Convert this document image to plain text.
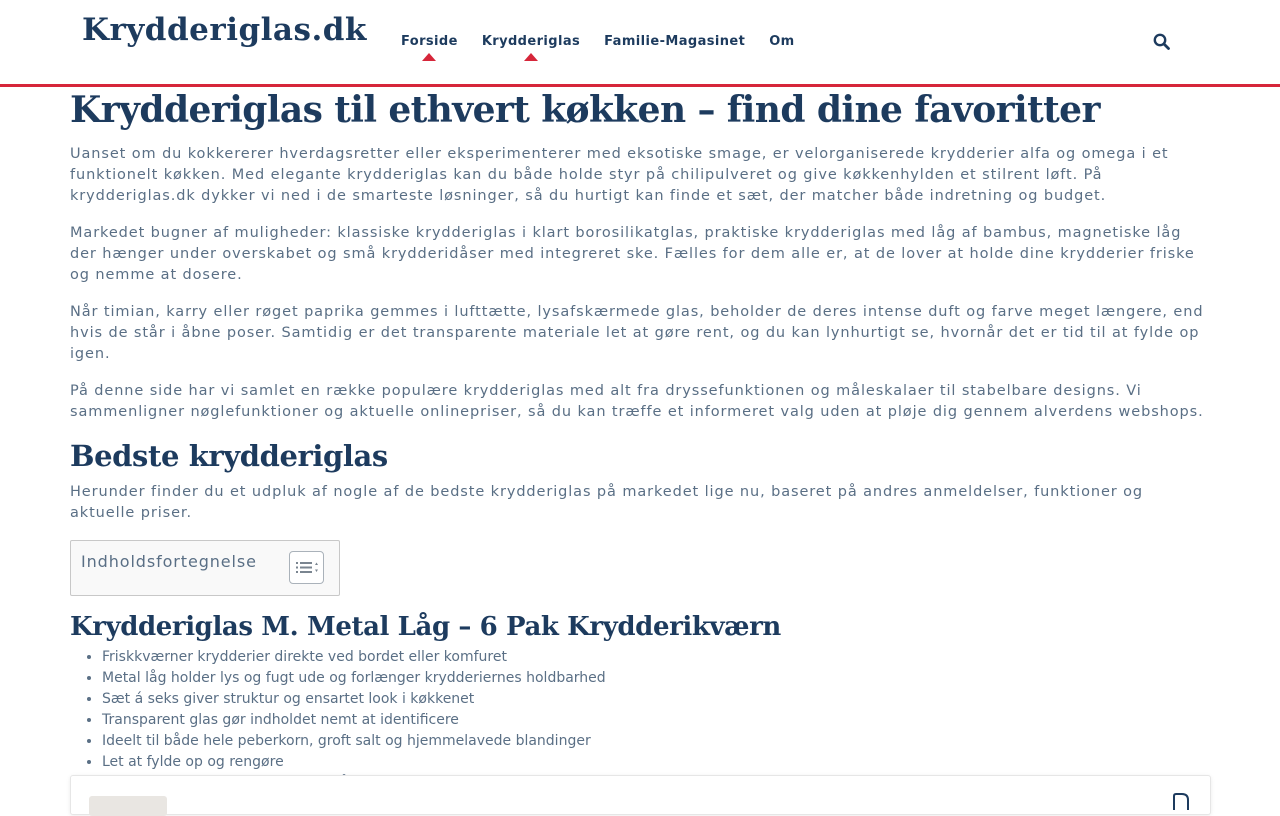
Krydderiglas.dk	Forside Krydderiglas Familie-Magasinet Om
Krydderiglas til ethvert køkken – find dine favoritter

Uanset om du kokkererer hverdagsretter eller eksperimenterer med eksotiske smage, er velorganiserede krydderier alfa og omega i et funktionelt køkken. Med elegante krydderiglas kan du både holde styr på chilipulveret og give køkkenhylden et stilrent løft. På krydderiglas.dk dykker vi ned i de smarteste løsninger, så du hurtigt kan finde et sæt, der matcher både indretning og budget.

Markedet bugner af muligheder: klassiske krydderiglas i klart borosilikatglas, praktiske krydderiglas med låg af bambus, magnetiske låg der hænger under overskabet og små krydderidåser med integreret ske. Fælles for dem alle er, at de lover at holde dine krydderier friske og nemme at dosere.

Når timian, karry eller røget paprika gemmes i lufttætte, lysafskærmede glas, beholder de deres intense duft og farve meget længere, end hvis de står i åbne poser. Samtidig er det transparente materiale let at gøre rent, og du kan lynhurtigt se, hvornår det er tid til at fylde op igen.

På denne side har vi samlet en række populære krydderiglas med alt fra dryssefunktionen og måleskalaer til stabelbare designs. Vi sammenligner nøglefunktioner og aktuelle onlinepriser, så du kan træffe et informeret valg uden at pløje dig gennem alverdens webshops.

Bedste krydderiglas

Herunder finder du et udpluk af nogle af de bedste krydderiglas på markedet lige nu, baseret på andres anmeldelser, funktioner og aktuelle priser.

Indholdsfortegnelse
Krydderiglas M. Metal Låg – 6 Pak Krydderikværn
• Friskkværner krydderier direkte ved bordet eller komfuret
• Metal låg holder lys og fugt ude og forlænger krydderiernes holdbarhed
• Sæt á seks giver struktur og ensartet look i køkkenet
• Transparent glas gør indholdet nemt at identificere
• Ideelt til både hele peberkorn, groft salt og hjemmelavede blandinger
• Let at fylde op og rengøre
•
